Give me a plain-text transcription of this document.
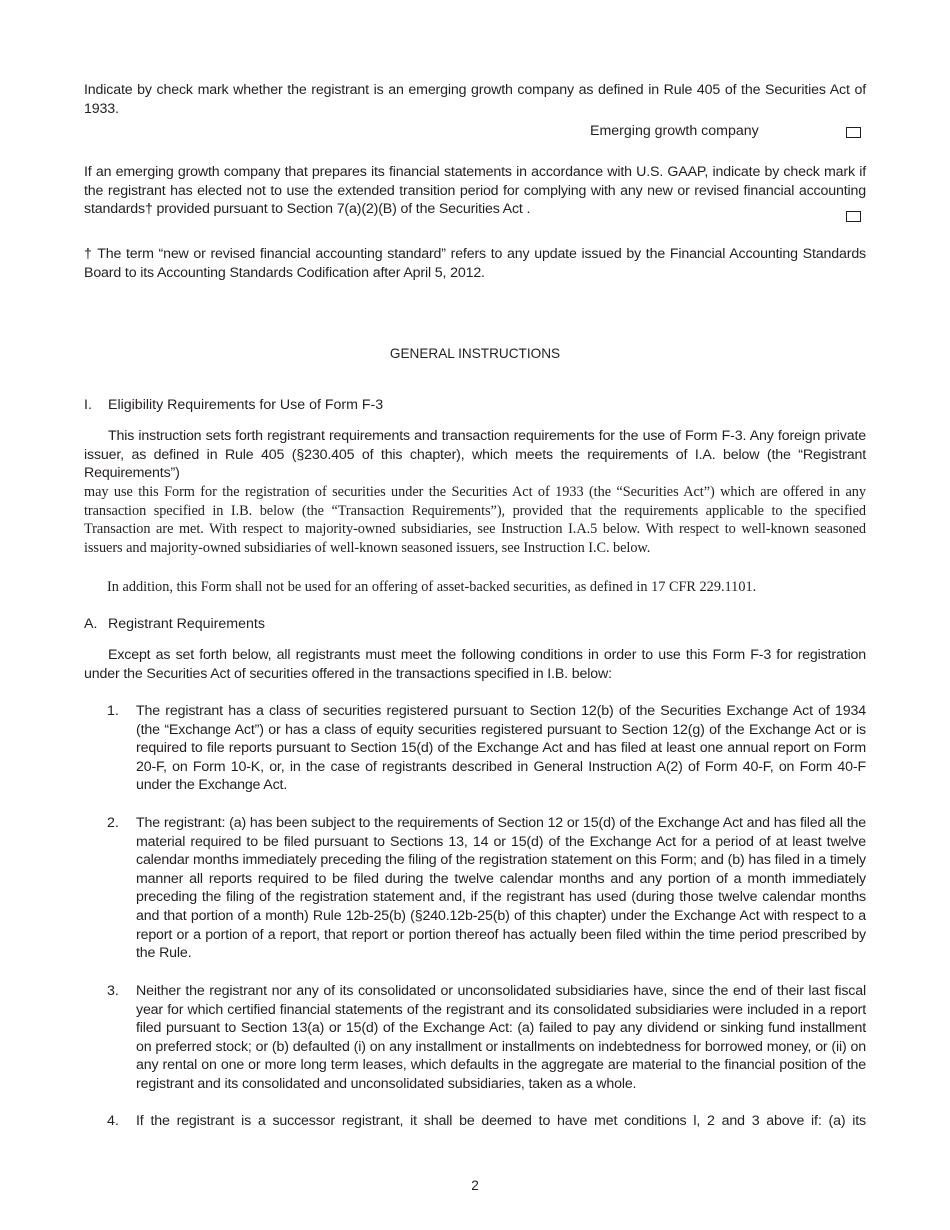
Indicate by check mark whether the registrant is an emerging growth company as defined in Rule 405 of the Securities Act of 1933.
Emerging growth company
If an emerging growth company that prepares its financial statements in accordance with U.S. GAAP, indicate by check mark if the registrant has elected not to use the extended transition period for complying with any new or revised financial accounting standards† provided pursuant to Section 7(a)(2)(B) of the Securities Act .
† The term “new or revised financial accounting standard” refers to any update issued by the Financial Accounting Standards Board to its Accounting Standards Codification after April 5, 2012.
GENERAL INSTRUCTIONS
I. Eligibility Requirements for Use of Form F-3
This instruction sets forth registrant requirements and transaction requirements for the use of Form F-3. Any foreign private issuer, as defined in Rule 405 (§230.405 of this chapter), which meets the requirements of I.A. below (the “Registrant Requirements”)
may use this Form for the registration of securities under the Securities Act of 1933 (the “Securities Act”) which are offered in any transaction specified in I.B. below (the “Transaction Requirements”), provided that the requirements applicable to the specified Transaction are met. With respect to majority-owned subsidiaries, see Instruction I.A.5 below. With respect to well-known seasoned issuers and majority-owned subsidiaries of well-known seasoned issuers, see Instruction I.C. below.
In addition, this Form shall not be used for an offering of asset-backed securities, as defined in 17 CFR 229.1101.
A. Registrant Requirements
Except as set forth below, all registrants must meet the following conditions in order to use this Form F-3 for registration under the Securities Act of securities offered in the transactions specified in I.B. below:
1. The registrant has a class of securities registered pursuant to Section 12(b) of the Securities Exchange Act of 1934 (the “Exchange Act”) or has a class of equity securities registered pursuant to Section 12(g) of the Exchange Act or is required to file reports pursuant to Section 15(d) of the Exchange Act and has filed at least one annual report on Form 20-F, on Form 10-K, or, in the case of registrants described in General Instruction A(2) of Form 40-F, on Form 40-F under the Exchange Act.
2. The registrant: (a) has been subject to the requirements of Section 12 or 15(d) of the Exchange Act and has filed all the material required to be filed pursuant to Sections 13, 14 or 15(d) of the Exchange Act for a period of at least twelve calendar months immediately preceding the filing of the registration statement on this Form; and (b) has filed in a timely manner all reports required to be filed during the twelve calendar months and any portion of a month immediately preceding the filing of the registration statement and, if the registrant has used (during those twelve calendar months and that portion of a month) Rule 12b-25(b) (§240.12b-25(b) of this chapter) under the Exchange Act with respect to a report or a portion of a report, that report or portion thereof has actually been filed within the time period prescribed by the Rule.
3. Neither the registrant nor any of its consolidated or unconsolidated subsidiaries have, since the end of their last fiscal year for which certified financial statements of the registrant and its consolidated subsidiaries were included in a report filed pursuant to Section 13(a) or 15(d) of the Exchange Act: (a) failed to pay any dividend or sinking fund installment on preferred stock; or (b) defaulted (i) on any installment or installments on indebtedness for borrowed money, or (ii) on any rental on one or more long term leases, which defaults in the aggregate are material to the financial position of the registrant and its consolidated and unconsolidated subsidiaries, taken as a whole.
4. If the registrant is a successor registrant, it shall be deemed to have met conditions l, 2 and 3 above if: (a) its
2
